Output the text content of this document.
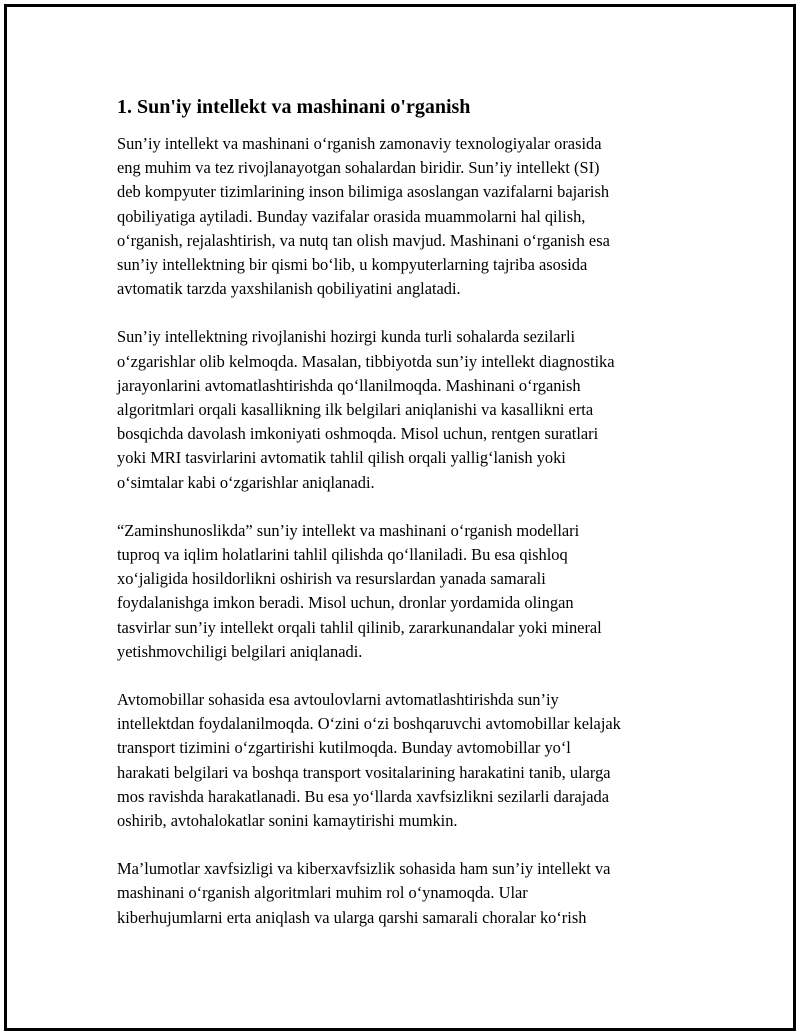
1. Sun'iy intellekt va mashinani o'rganish

Sun’iy intellekt va mashinani o‘rganish zamonaviy texnologiyalar orasida
eng muhim va tez rivojlanayotgan sohalardan biridir. Sun’iy intellekt (SI)
deb kompyuter tizimlarining inson bilimiga asoslangan vazifalarni bajarish
qobiliyatiga aytiladi. Bunday vazifalar orasida muammolarni hal qilish,
o‘rganish, rejalashtirish, va nutq tan olish mavjud. Mashinani o‘rganish esa
sun’iy intellektning bir qismi bo‘lib, u kompyuterlarning tajriba asosida
avtomatik tarzda yaxshilanish qobiliyatini anglatadi.

Sun’iy intellektning rivojlanishi hozirgi kunda turli sohalarda sezilarli
o‘zgarishlar olib kelmoqda. Masalan, tibbiyotda sun’iy intellekt diagnostika
jarayonlarini avtomatlashtirishda qo‘llanilmoqda. Mashinani o‘rganish
algoritmlari orqali kasallikning ilk belgilari aniqlanishi va kasallikni erta
bosqichda davolash imkoniyati oshmoqda. Misol uchun, rentgen suratlari
yoki MRI tasvirlarini avtomatik tahlil qilish orqali yallig‘lanish yoki
o‘simtalar kabi o‘zgarishlar aniqlanadi.

“Zaminshunoslikda” sun’iy intellekt va mashinani o‘rganish modellari
tuproq va iqlim holatlarini tahlil qilishda qo‘llaniladi. Bu esa qishloq
xo‘jaligida hosildorlikni oshirish va resurslardan yanada samarali
foydalanishga imkon beradi. Misol uchun, dronlar yordamida olingan
tasvirlar sun’iy intellekt orqali tahlil qilinib, zararkunandalar yoki mineral
yetishmovchiligi belgilari aniqlanadi.

Avtomobillar sohasida esa avtoulovlarni avtomatlashtirishda sun’iy
intellektdan foydalanilmoqda. O‘zini o‘zi boshqaruvchi avtomobillar kelajak
transport tizimini o‘zgartirishi kutilmoqda. Bunday avtomobillar yo‘l
harakati belgilari va boshqa transport vositalarining harakatini tanib, ularga
mos ravishda harakatlanadi. Bu esa yo‘llarda xavfsizlikni sezilarli darajada
oshirib, avtohalokatlar sonini kamaytirishi mumkin.

Ma’lumotlar xavfsizligi va kiberxavfsizlik sohasida ham sun’iy intellekt va
mashinani o‘rganish algoritmlari muhim rol o‘ynamoqda. Ular
kiberhujumlarni erta aniqlash va ularga qarshi samarali choralar ko‘rish
